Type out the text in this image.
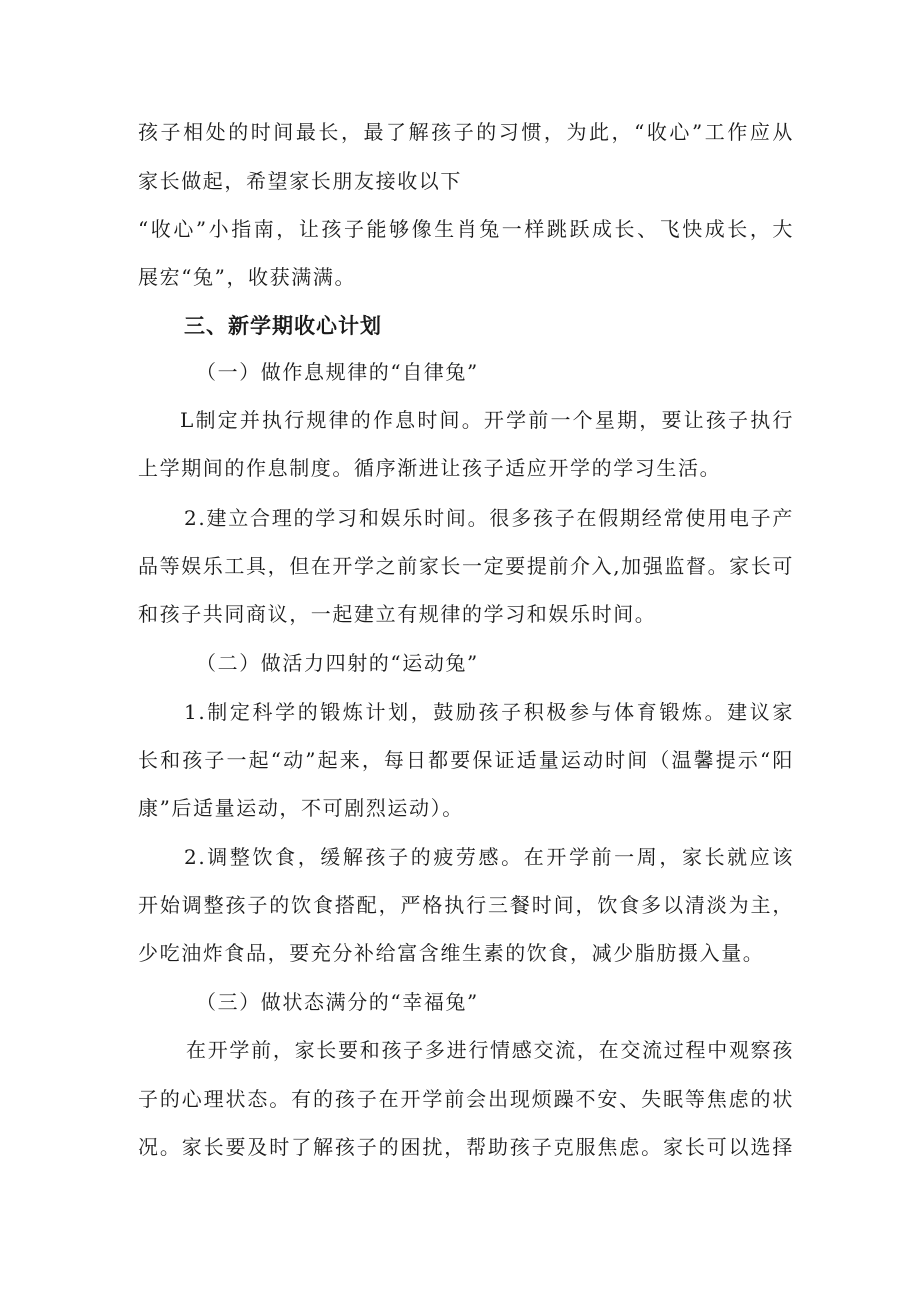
孩子相处的时间最长，最了解孩子的习惯，为此，“收心”工作应从
家长做起，希望家长朋友接收以下
“收心”小指南，让孩子能够像生肖兔一样跳跃成长、飞快成长，大
展宏“兔”，收获满满。
三、新学期收心计划
（一）做作息规律的“自律兔”
L制定并执行规律的作息时间。开学前一个星期，要让孩子执行
上学期间的作息制度。循序渐进让孩子适应开学的学习生活。
2.建立合理的学习和娱乐时间。很多孩子在假期经常使用电子产
品等娱乐工具，但在开学之前家长一定要提前介入,加强监督。家长可
和孩子共同商议，一起建立有规律的学习和娱乐时间。
（二）做活力四射的“运动兔”
1.制定科学的锻炼计划，鼓励孩子积极参与体育锻炼。建议家
长和孩子一起“动”起来，每日都要保证适量运动时间（温馨提示“阳
康”后适量运动，不可剧烈运动）。
2.调整饮食，缓解孩子的疲劳感。在开学前一周，家长就应该
开始调整孩子的饮食搭配，严格执行三餐时间，饮食多以清淡为主，
少吃油炸食品，要充分补给富含维生素的饮食，减少脂肪摄入量。
（三）做状态满分的“幸福兔”
在开学前，家长要和孩子多进行情感交流，在交流过程中观察孩
子的心理状态。有的孩子在开学前会出现烦躁不安、失眠等焦虑的状
况。家长要及时了解孩子的困扰，帮助孩子克服焦虑。家长可以选择
